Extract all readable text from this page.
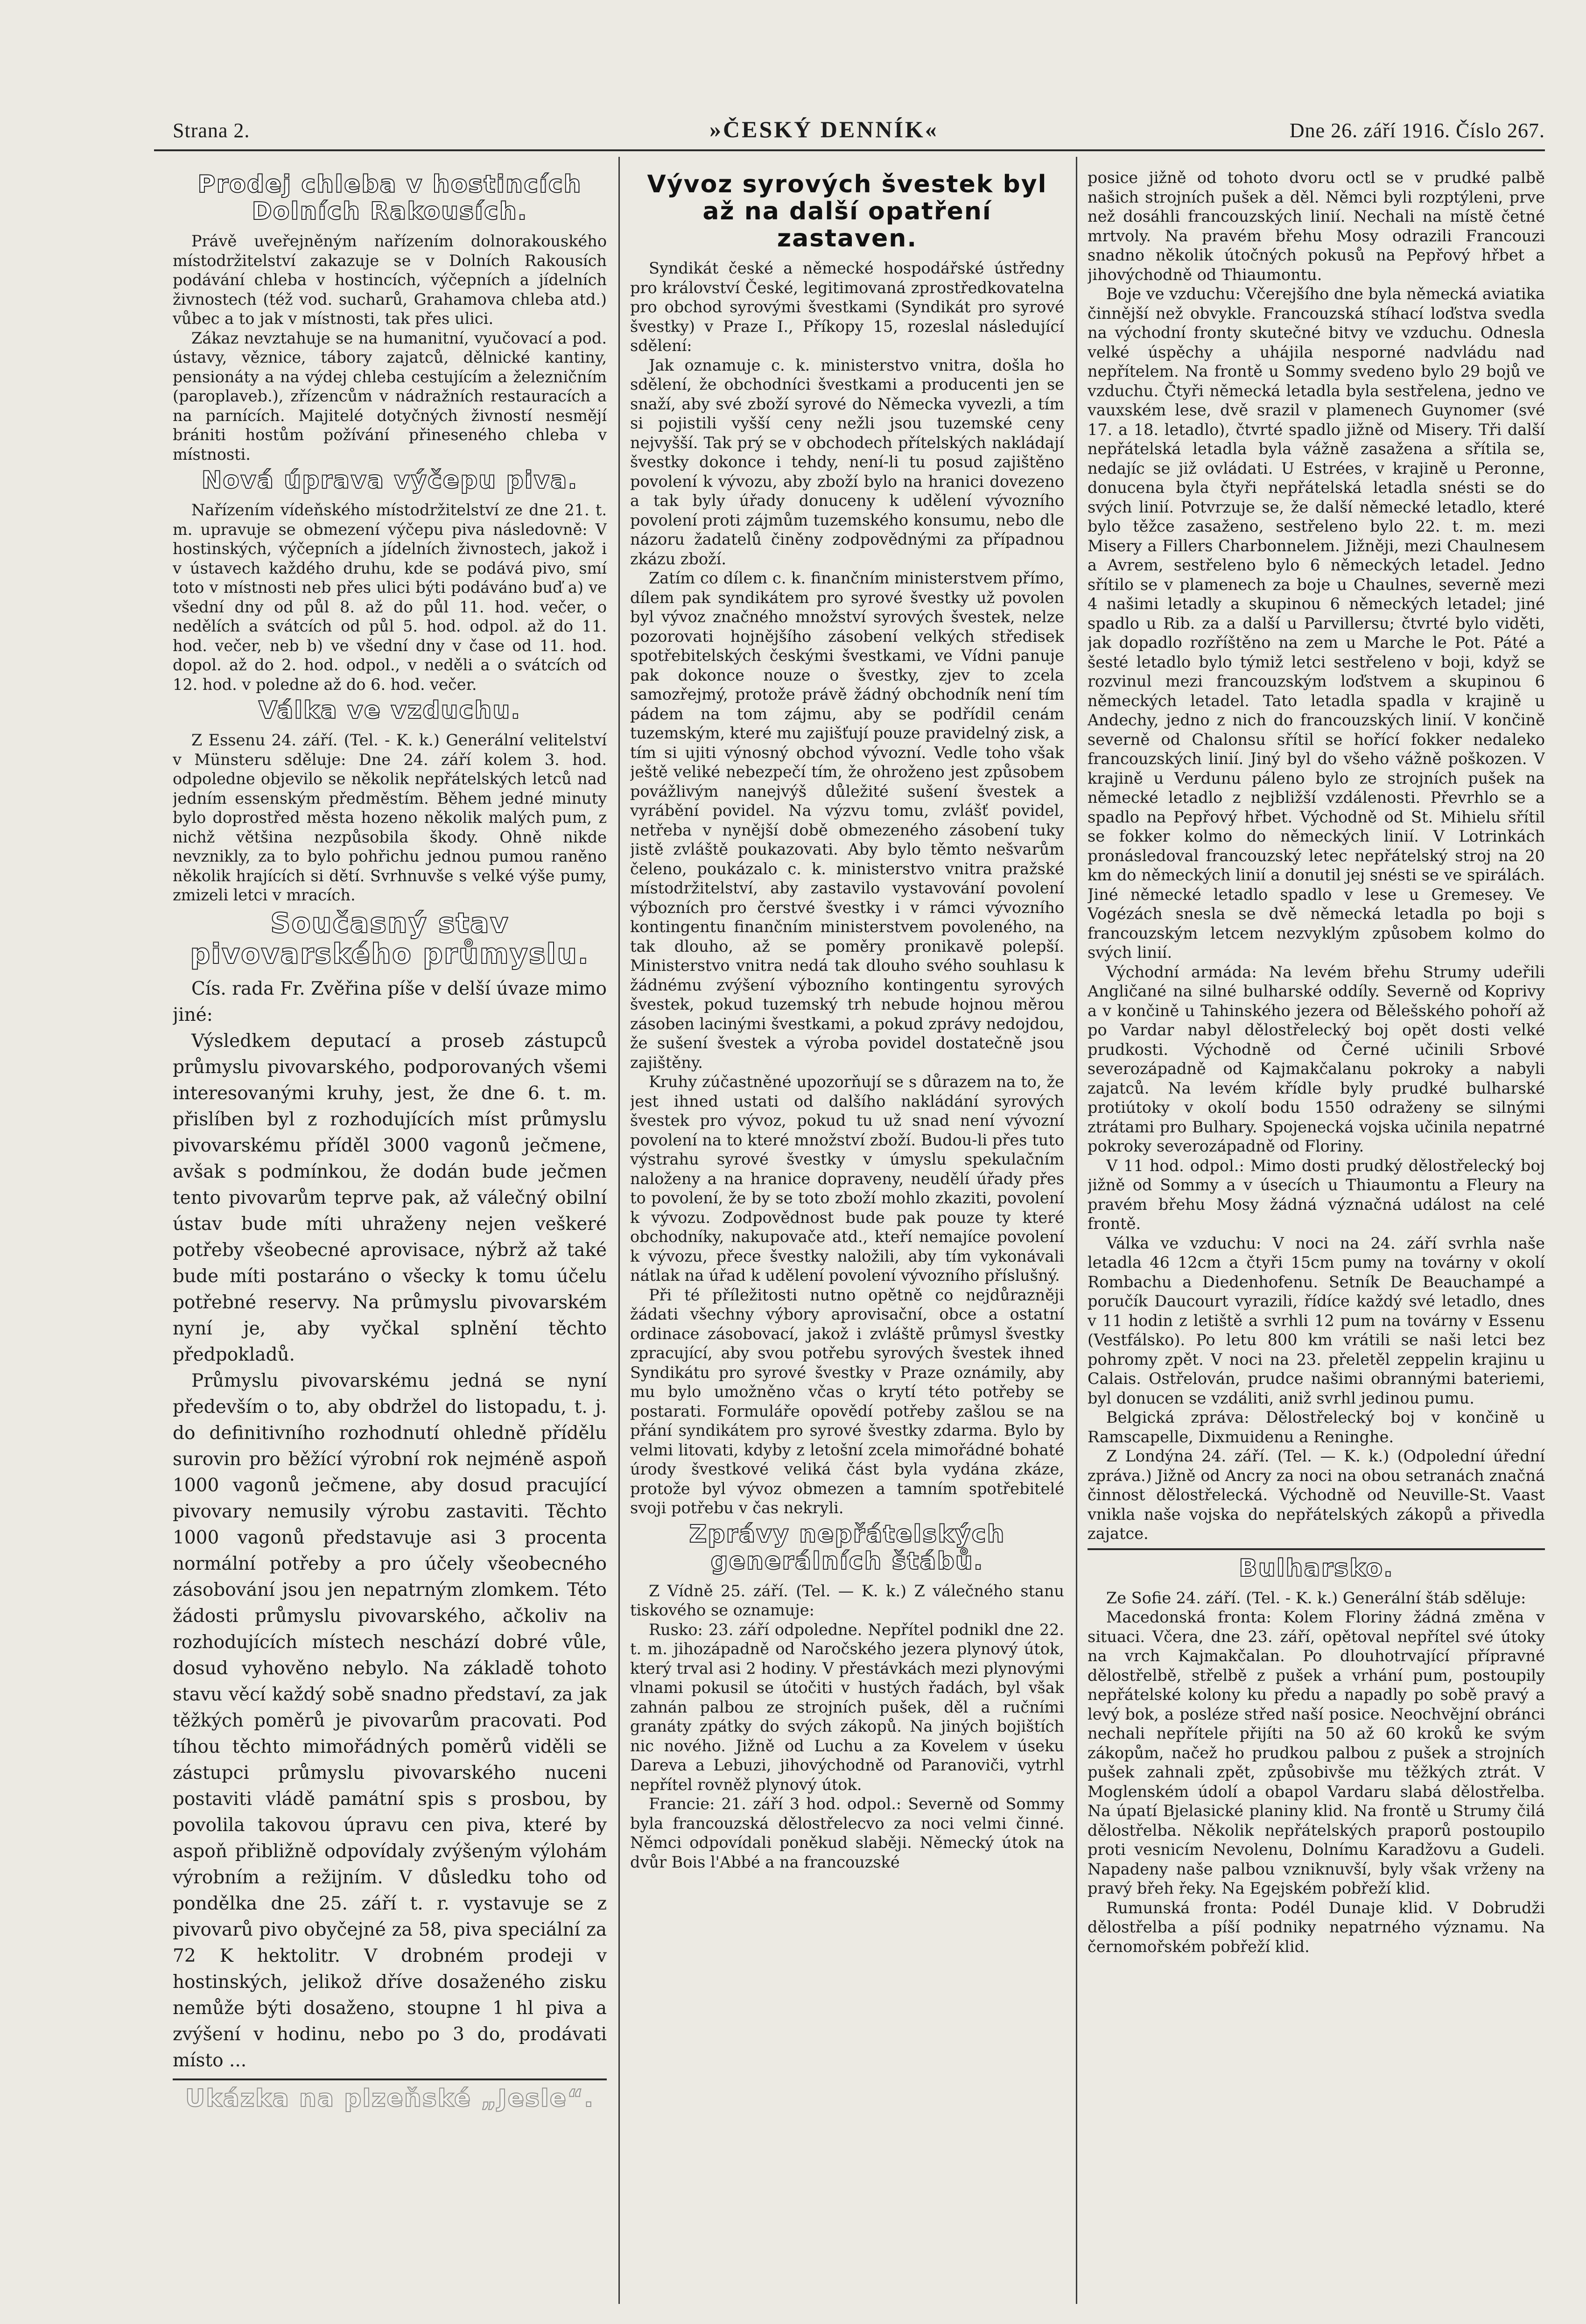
Strana 2.	»ČESKÝ DENNÍK«	Dne 26. září 1916. Číslo 267.
Prodej chleba v hostincích Dolních Rakousích.

Právě uveřejněným nařízením dolnorakouského místodržitelství zakazuje se v Dolních Rakousích podávání chleba v hostincích, výčepních a jídelních živnostech (též vod. sucharů, Grahamova chleba atd.) vůbec a to jak v místnosti, tak přes ulici.

Zákaz nevztahuje se na humanitní, vyučovací a pod. ústavy, věznice, tábory zajatců, dělnické kantiny, pensionáty a na výdej chleba cestujícím a železničním (paroplaveb.), zřízencům v nádražních restauracích a na parnících. Majitelé dotyčných živností nesmějí brániti hostům požívání přineseného chleba v místnosti.

Nová úprava výčepu piva.

Nařízením vídeňského místodržitelství ze dne 21. t. m. upravuje se obmezení výčepu piva následovně: V hostinských, výčepních a jídelních živnostech, jakož i v ústavech každého druhu, kde se podává pivo, smí toto v místnosti neb přes ulici býti podáváno buď a) ve všední dny od půl 8. až do půl 11. hod. večer, o nedělích a svátcích od půl 5. hod. odpol. až do 11. hod. večer, neb b) ve všední dny v čase od 11. hod. dopol. až do 2. hod. odpol., v neděli a o svátcích od 12. hod. v poledne až do 6. hod. večer.

Válka ve vzduchu.

Z Essenu 24. září. (Tel. - K. k.) Generální velitelství v Münsteru sděluje: Dne 24. září kolem 3. hod. odpoledne objevilo se několik nepřátelských letců nad jedním essenským předměstím. Během jedné minuty bylo doprostřed města hozeno několik malých pum, z nichž většina nezpůsobila škody. Ohně nikde nevznikly, za to bylo pohřichu jednou pumou raněno několik hrajících si dětí. Svrhnuvše s velké výše pumy, zmizeli letci v mracích.

Současný stav pivovarského průmyslu.

Cís. rada Fr. Zvěřina píše v delší úvaze mimo jiné:

Výsledkem deputací a proseb zástupců průmyslu pivovarského, podporovaných všemi interesovanými kruhy, jest, že dne 6. t. m. přislíben byl z rozhodujících míst průmyslu pivovarskému příděl 3000 vagonů ječmene, avšak s podmínkou, že dodán bude ječmen tento pivovarům teprve pak, až válečný obilní ústav bude míti uhraženy nejen veškeré potřeby všeobecné aprovisace, nýbrž až také bude míti postaráno o všecky k tomu účelu potřebné reservy. Na průmyslu pivovarském nyní je, aby vyčkal splnění těchto předpokladů.

Průmyslu pivovarskému jedná se nyní především o to, aby obdržel do listopadu, t. j. do definitivního rozhodnutí ohledně přídělu surovin pro běžící výrobní rok nejméně aspoň 1000 vagonů ječmene, aby dosud pracující pivovary nemusily výrobu zastaviti. Těchto 1000 vagonů představuje asi 3 procenta normální potřeby a pro účely všeobecného zásobování jsou jen nepatrným zlomkem. Této žádosti průmyslu pivovarského, ačkoliv na rozhodujících místech neschází dobré vůle, dosud vyhověno nebylo. Na základě tohoto stavu věcí každý sobě snadno představí, za jak těžkých poměrů je pivovarům pracovati. Pod tíhou těchto mimořádných poměrů viděli se zástupci průmyslu pivovarského nuceni postaviti vládě památní spis s prosbou, by povolila takovou úpravu cen piva, které by aspoň přibližně odpovídaly zvýšeným výlohám výrobním a režijním. V důsledku toho od pondělka dne 25. září t. r. vystavuje se z pivovarů pivo obyčejné za 58, piva speciální za 72 K hektolitr. V drobném prodeji v hostinských, jelikož dříve dosaženého zisku nemůže býti dosaženo, stoupne 1 hl piva a zvýšení v hodinu, nebo po 3 do, prodávati místo ...

Ukázka na plzeňské „Jesle“.
Vývoz syrových švestek byl až na další opatření zastaven.

Syndikát české a německé hospodářské ústředny pro království České, legitimovaná zprostředkovatelna pro obchod syrovými švestkami (Syndikát pro syrové švestky) v Praze I., Příkopy 15, rozeslal následující sdělení:

Jak oznamuje c. k. ministerstvo vnitra, došla ho sdělení, že obchodníci švestkami a producenti jen se snaží, aby své zboží syrové do Německa vyvezli, a tím si pojistili vyšší ceny nežli jsou tuzemské ceny nejvyšší. Tak prý se v obchodech přítelských nakládají švestky dokonce i tehdy, není-li tu posud zajištěno povolení k vývozu, aby zboží bylo na hranici dovezeno a tak byly úřady donuceny k udělení vývozního povolení proti zájmům tuzemského konsumu, nebo dle názoru žadatelů činěny zodpovědnými za případnou zkázu zboží.

Zatím co dílem c. k. finančním ministerstvem přímo, dílem pak syndikátem pro syrové švestky už povolen byl vývoz značného množství syrových švestek, nelze pozorovati hojnějšího zásobení velkých středisek spotřebitelských českými švestkami, ve Vídni panuje pak dokonce nouze o švestky, zjev to zcela samozřejmý, protože právě žádný obchodník není tím pádem na tom zájmu, aby se podřídil cenám tuzemským, které mu zajišťují pouze pravidelný zisk, a tím si ujiti výnosný obchod vývozní. Vedle toho však ještě veliké nebezpečí tím, že ohroženo jest způsobem povážlivým nanejvýš důležité sušení švestek a vyrábění povidel. Na výzvu tomu, zvlášť povidel, netřeba v nynější době obmezeného zásobení tuky jistě zvláště poukazovati. Aby bylo těmto nešvarům čeleno, poukázalo c. k. ministerstvo vnitra pražské místodržitelství, aby zastavilo vystavování povolení výbozních pro čerstvé švestky i v rámci vývozního kontingentu finančním ministerstvem povoleného, na tak dlouho, až se poměry pronikavě polepší. Ministerstvo vnitra nedá tak dlouho svého souhlasu k žádnému zvýšení výbozního kontingentu syrových švestek, pokud tuzemský trh nebude hojnou měrou zásoben lacinými švestkami, a pokud zprávy nedojdou, že sušení švestek a výroba povidel dostatečně jsou zajištěny.

Kruhy zúčastněné upozorňují se s důrazem na to, že jest ihned ustati od dalšího nakládání syrových švestek pro vývoz, pokud tu už snad není vývozní povolení na to které množství zboží. Budou-li přes tuto výstrahu syrové švestky v úmyslu spekulačním naloženy a na hranice dopraveny, neudělí úřady přes to povolení, že by se toto zboží mohlo zkaziti, povolení k vývozu. Zodpovědnost bude pak pouze ty které obchodníky, nakupovače atd., kteří nemajíce povolení k vývozu, přece švestky naložili, aby tím vykonávali nátlak na úřad k udělení povolení vývozního příslušný.

Při té příležitosti nutno opětně co nejdůrazněji žádati všechny výbory aprovisační, obce a ostatní ordinace zásobovací, jakož i zvláště průmysl švestky zpracující, aby svou potřebu syrových švestek ihned Syndikátu pro syrové švestky v Praze oznámily, aby mu bylo umožněno včas o krytí této potřeby se postarati. Formuláře opovědí potřeby zašlou se na přání syndikátem pro syrové švestky zdarma. Bylo by velmi litovati, kdyby z letošní zcela mimořádné bohaté úrody švestkové veliká část byla vydána zkáze, protože byl vývoz obmezen a tamním spotřebitelé svoji potřebu v čas nekryli.

Zprávy nepřátelských generálních štábů.

Z Vídně 25. září. (Tel. — K. k.) Z válečného stanu tiskového se oznamuje:

Rusko: 23. září odpoledne. Nepřítel podnikl dne 22. t. m. jihozápadně od Naročského jezera plynový útok, který trval asi 2 hodiny. V přestávkách mezi plynovými vlnami pokusil se útočiti v hustých řadách, byl však zahnán palbou ze strojních pušek, děl a ručními granáty zpátky do svých zákopů. Na jiných bojištích nic nového. Jižně od Luchu a za Kovelem v úseku Dareva a Lebuzi, jihovýchodně od Paranoviči, vytrhl nepřítel rovněž plynový útok.

Francie: 21. září 3 hod. odpol.: Severně od Sommy byla francouzská dělostřelecvo za noci velmi činné. Němci odpovídali poněkud slaběji. Německý útok na dvůr Bois l'Abbé a na francouzské

posice jižně od tohoto dvoru octl se v prudké palbě našich strojních pušek a děl. Němci byli rozptýleni, prve než dosáhli francouzských linií. Nechali na místě četné mrtvoly. Na pravém břehu Mosy odrazili Francouzi snadno několik útočných pokusů na Pepřový hřbet a jihovýchodně od Thiaumontu.

Boje ve vzduchu: Včerejšího dne byla německá aviatika činnější než obvykle. Francouzská stíhací loďstva svedla na východní fronty skutečné bitvy ve vzduchu. Odnesla velké úspěchy a uhájila nesporné nadvládu nad nepřítelem. Na frontě u Sommy svedeno bylo 29 bojů ve vzduchu. Čtyři německá letadla byla sestřelena, jedno ve vauxském lese, dvě srazil v plamenech Guynomer (své 17. a 18. letadlo), čtvrté spadlo jižně od Misery. Tři další nepřátelská letadla byla vážně zasažena a sřítila se, nedajíc se již ovládati. U Estrées, v krajině u Peronne, donucena byla čtyři nepřátelská letadla snésti se do svých linií. Potvrzuje se, že další německé letadlo, které bylo těžce zasaženo, sestřeleno bylo 22. t. m. mezi Misery a Fillers Charbonnelem. Jižněji, mezi Chaulnesem a Avrem, sestřeleno bylo 6 německých letadel. Jedno sřítilo se v plamenech za boje u Chaulnes, severně mezi 4 našimi letadly a skupinou 6 německých letadel; jiné spadlo u Rib. za a další u Parvillersu; čtvrté bylo viděti, jak dopadlo rozříštěno na zem u Marche le Pot. Páté a šesté letadlo bylo týmiž letci sestřeleno v boji, když se rozvinul mezi francouzským loďstvem a skupinou 6 německých letadel. Tato letadla spadla v krajině u Andechy, jedno z nich do francouzských linií. V končině severně od Chalonsu sřítil se hořící fokker nedaleko francouzských linií. Jiný byl do všeho vážně poškozen. V krajině u Verdunu páleno bylo ze strojních pušek na německé letadlo z nejbližší vzdálenosti. Převrhlo se a spadlo na Pepřový hřbet. Východně od St. Mihielu sřítil se fokker kolmo do německých linií. V Lotrinkách pronásledoval francouzský letec nepřátelský stroj na 20 km do německých linií a donutil jej snésti se ve spirálách. Jiné německé letadlo spadlo v lese u Gremesey. Ve Vogézách snesla se dvě německá letadla po boji s francouzským letcem nezvyklým způsobem kolmo do svých linií.

Východní armáda: Na levém břehu Strumy udeřili Angličané na silné bulharské oddíly. Severně od Koprivy a v končině u Tahinského jezera od Bělešského pohoří až po Vardar nabyl dělostřelecký boj opět dosti velké prudkosti. Východně od Černé učinili Srbové severozápadně od Kajmakčalanu pokroky a nabyli zajatců. Na levém křídle byly prudké bulharské protiútoky v okolí bodu 1550 odraženy se silnými ztrátami pro Bulhary. Spojenecká vojska učinila nepatrné pokroky severozápadně od Floriny.

V 11 hod. odpol.: Mimo dosti prudký dělostřelecký boj jižně od Sommy a v úsecích u Thiaumontu a Fleury na pravém břehu Mosy žádná význačná událost na celé frontě.

Válka ve vzduchu: V noci na 24. září svrhla naše letadla 46 12cm a čtyři 15cm pumy na továrny v okolí Rombachu a Diedenhofenu. Setník De Beauchampé a poručík Daucourt vyrazili, řídíce každý své letadlo, dnes v 11 hodin z letiště a svrhli 12 pum na továrny v Essenu (Vestfálsko). Po letu 800 km vrátili se naši letci bez pohromy zpět. V noci na 23. přeletěl zeppelin krajinu u Calais. Ostřelován, prudce našimi obrannými bateriemi, byl donucen se vzdáliti, aniž svrhl jedinou pumu.

Belgická zpráva: Dělostřelecký boj v končině u Ramscapelle, Dixmuidenu a Reninghe.

Z Londýna 24. září. (Tel. — K. k.) (Odpolední úřední zpráva.) Jižně od Ancry za noci na obou setranách značná činnost dělostřelecká. Východně od Neuville-St. Vaast vnikla naše vojska do nepřátelských zákopů a přivedla zajatce.

Bulharsko.

Ze Sofie 24. září. (Tel. - K. k.) Generální štáb sděluje:

Macedonská fronta: Kolem Floriny žádná změna v situaci. Včera, dne 23. září, opětoval nepřítel své útoky na vrch Kajmakčalan. Po dlouhotrvající přípravné dělostřelbě, střelbě z pušek a vrhání pum, postoupily nepřátelské kolony ku předu a napadly po sobě pravý a levý bok, a posléze střed naší posice. Neochvějní obránci nechali nepřítele přijíti na 50 až 60 kroků ke svým zákopům, načež ho prudkou palbou z pušek a strojních pušek zahnali zpět, způsobivše mu těžkých ztrát. V Moglenském údolí a obapol Vardaru slabá dělostřelba. Na úpatí Bjelasické planiny klid. Na frontě u Strumy čilá dělostřelba. Několik nepřátelských praporů postoupilo proti vesnicím Nevolenu, Dolnímu Karadžovu a Gudeli. Napadeny naše palbou vzniknuvší, byly však vrženy na pravý břeh řeky. Na Egejském pobřeží klid.

Rumunská fronta: Podél Dunaje klid. V Dobrudži dělostřelba a píší podniky nepatrného významu. Na černomořském pobřeží klid.
